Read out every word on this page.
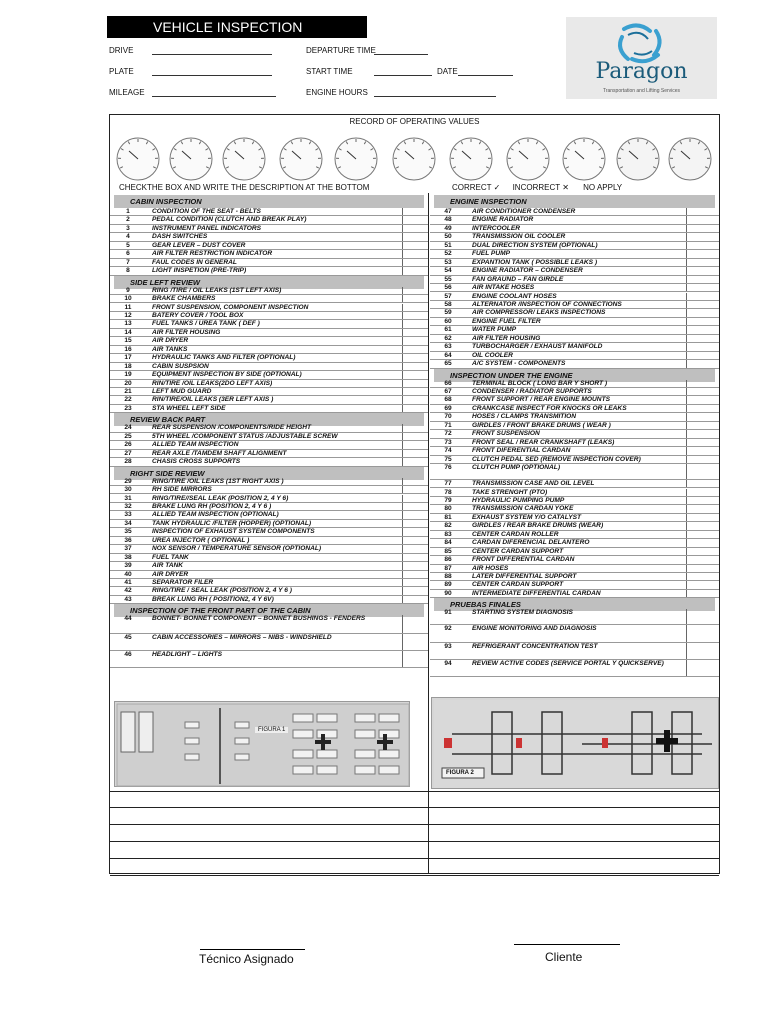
VEHICLE INSPECTION
DRIVE	DEPARTURE TIME
PLATE	START TIME	DATE
MILEAGE	ENGINE HOURS
Paragon
Transportation and Lifting Services
RECORD OF OPERATING VALUES
CHECKTHE BOX AND WRITE THE DESCRIPTION AT THE BOTTOM	CORRECT ✓ INCORRECT ✕ NO APPLY
CABIN INSPECTION
1	CONDITION OF THE SEAT - BELTS
2	PEDAL CONDITION (CLUTCH AND BREAK PLAY)
3	INSTRUMENT PANEL INDICATORS
4	DASH SWITCHES
5	GEAR LEVER – DUST COVER
6	AIR FILTER RESTRICTION INDICATOR
7	FAUL CODES IN GENERAL
8	LIGHT INSPETION (PRE-TRIP)
SIDE LEFT REVIEW
9	RING /TIRE / OIL LEAKS (1ST LEFT AXIS)
10	BRAKE CHAMBERS
11	FRONT SUSPENSION, COMPONENT INSPECTION
12	BATERY COVER / TOOL BOX
13	FUEL TANKS / UREA TANK ( DEF )
14	AIR FILTER HOUSING
15	AIR DRYER
16	AIR TANKS
17	HYDRAULIC TANKS AND FILTER (OPTIONAL)
18	CABIN SUSPSION
19	EQUIPMENT INSPECTION BY SIDE (OPTIONAL)
20	RIN/TIRE /OIL LEAKS(2DO LEFT AXIS)
21	LEFT MUD GUARD
22	RIN/TIRE/OIL LEAKS (3ER LEFT AXIS )
23	STA WHEEL LEFT SIDE
REVIEW BACK PART
24	REAR SUSPENSION /COMPONENTS/RIDE HEIGHT
25	5TH WHEEL /COMPONENT STATUS /ADJUSTABLE SCREW
26	ALLIED TEAM INSPECTION
27	REAR AXLE /TAMDEM SHAFT ALIGNMENT
28	CHASIS CROSS SUPPORTS
RIGHT SIDE REVIEW
29	RING/TIRE /OIL LEAKS (1ST RIGHT AXIS )
30	RH SIDE MIRRORS
31	RING/TIRE//SEAL LEAK (POSITION 2, 4 Y 6)
32	BRAKE LUNG RH (POSITION 2, 4 Y 6 )
33	ALLIED TEAM INSPECTION (OPTIONAL)
34	TANK HYDRAULIC /FILTER (HOPPER) (OPTIONAL)
35	INSPECTION OF EXHAUST SYSTEM COMPONENTS
36	UREA INJECTOR ( OPTIONAL )
37	NOX SENSOR / TEMPERATURE SENSOR (OPTIONAL)
38	FUEL TANK
39	AIR TANK
40	AIR DRYER
41	SEPARATOR FILER
42	RING/TIRE / SEAL LEAK (POSITION 2, 4 Y 6 )
43	BREAK LUNG RH ( POSITION2, 4 Y 6V)
INSPECTION OF THE FRONT PART OF THE CABIN
44	BONNET- BONNET COMPONENT – BONNET BUSHINGS - FENDERS
45	CABIN ACCESSORIES – MIRRORS – NIBS - WINDSHIELD
46	HEADLIGHT – LIGHTS
ENGINE INSPECTION
47	AIR CONDITIONER CONDENSER
48	ENGINE RADIATOR
49	INTERCOOLER
50	TRANSMISSION OIL COOLER
51	DUAL DIRECTION SYSTEM (OPTIONAL)
52	FUEL PUMP
53	EXPANTION TANK ( POSSIBLE LEAKS )
54	ENGINE RADIATOR – CONDENSER
55	FAN GRAUND – FAN GIRDLE
56	AIR INTAKE HOSES
57	ENGINE COOLANT HOSES
58	ALTERNATOR /INSPECTION OF CONNECTIONS
59	AIR COMPRESSOR/ LEAKS INSPECTIONS
60	ENGINE FUEL FILTER
61	WATER PUMP
62	AIR FILTER HOUSING
63	TURBOCHARGER / EXHAUST MANIFOLD
64	OIL COOLER
65	A/C SYSTEM - COMPONENTS
INSPECTION UNDER THE ENGINE
66	TERMINAL BLOCK ( LONG BAR Y SHORT )
67	CONDENSER / RADIATOR SUPPORTS
68	FRONT SUPPORT / REAR ENGINE MOUNTS
69	CRANKCASE INSPECT FOR KNOCKS OR LEAKS
70	HOSES / CLAMPS TRANSMITION
71	GIRDLES / FRONT BRAKE DRUMS ( WEAR )
72	FRONT SUSPENSION
73	FRONT SEAL / REAR CRANKSHAFT (LEAKS)
74	FRONT DIFERENTIAL CARDAN
75	CLUTCH PEDAL SED (REMOVE INSPECTION COVER)
76	CLUTCH PUMP (OPTIONAL)
77	TRANSMISSION CASE AND OIL LEVEL
78	TAKE STRENGHT (PTO)
79	HYDRAULIC PUMPING PUMP
80	TRANSMISSION CARDAN YOKE
81	EXHAUST SYSTEM Y/O CATALYST
82	GIRDLES / REAR BRAKE DRUMS (WEAR)
83	CENTER CARDAN ROLLER
84	CARDAN DIFERENCIAL DELANTERO
85	CENTER CARDAN SUPPORT
86	FRONT DIFFERENTIAL CARDAN
87	AIR HOSES
88	LATER DIFFERENTIAL SUPPORT
89	CENTER CARDAN SUPPORT
90	INTERMEDIATE DIFFERENTIAL CARDAN
PRUEBAS FINALES
91	STARTING SYSTEM DIAGNOSIS
92	ENGINE MONITORING AND DIAGNOSIS
93	REFRIGERANT CONCENTRATION TEST
94	REVIEW ACTIVE CODES (SERVICE PORTAL Y QUICKSERVE)
FIGURA 1
FIGURA 2
Técnico Asignado	Cliente
